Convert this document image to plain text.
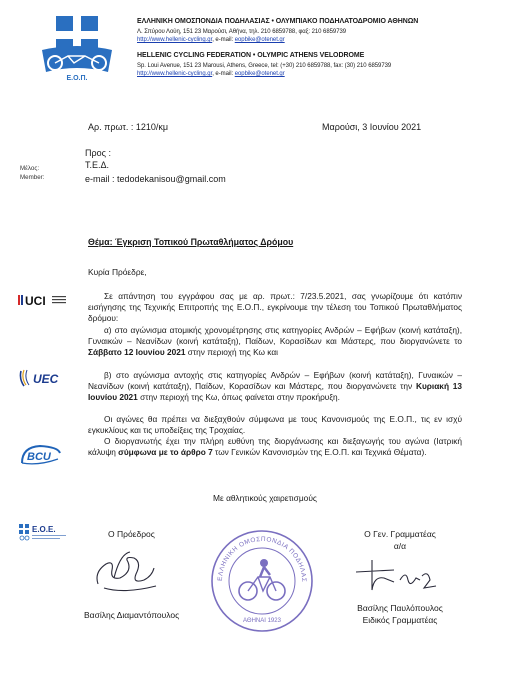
Ε.Ο.Π.
ΕΛΛΗΝΙΚΗ ΟΜΟΣΠΟΝΔΙΑ ΠΟΔΗΛΑΣΙΑΣ • ΟΛΥΜΠΙΑΚΟ ΠΟΔΗΛΑΤΟΔΡΟΜΙΟ ΑΘΗΝΩΝ
Λ. Σπύρου Λούη, 151 23 Μαρούσι, Αθήνα, τηλ. 210 6859788, φαξ: 210 6859739
http://www.hellenic-cycling.gr, e-mail: eopbike@otenet.gr
HELLENIC CYCLING FEDERATION • OLYMPIC ATHENS VELODROME
Sp. Loui Avenue, 151 23 Marousi, Athens, Greece, tel: (+30) 210 6859788, fax: (30) 210 6859739
http://www.hellenic-cycling.gr, e-mail: eopbike@otenet.gr
Αρ. πρωτ. : 1210/κμ	Μαρούσι, 3 Ιουνίου 2021
Προς :
Τ.Ε.Δ.
Μέλος:
Member:	e-mail : tedodekanisou@gmail.com
Θέμα: Έγκριση Τοπικού Πρωταθλήματος Δρόμου
Κυρία Πρόεδρε,
UCI
UEC
BCU
Ε.Ο.Ε.
Σε απάντηση του εγγράφου σας με αρ. πρωτ.: 7/23.5.2021, σας γνωρίζουμε ότι κατόπιν εισήγησης της Τεχνικής Επιτροπής της Ε.Ο.Π., εγκρίνουμε την τέλεση του Τοπικού Πρωταθλήματος δρόμου:
α) στο αγώνισμα ατομικής χρονομέτρησης στις κατηγορίες Ανδρών – Εφήβων (κοινή κατάταξη), Γυναικών – Νεανίδων (κοινή κατάταξη), Παίδων, Κορασίδων και Μάστερς, που διοργανώνετε το Σάββατο 12 Ιουνίου 2021 στην περιοχή της Κω και
β) στο αγώνισμα αντοχής στις κατηγορίες Ανδρών – Εφήβων (κοινή κατάταξη), Γυναικών – Νεανίδων (κοινή κατάταξη), Παίδων, Κορασίδων και Μάστερς, που διοργανώνετε την Κυριακή 13 Ιουνίου 2021 στην περιοχή της Κω, όπως φαίνεται στην προκήρυξη.
Οι αγώνες θα πρέπει να διεξαχθούν σύμφωνα με τους Κανονισμούς της Ε.Ο.Π., τις εν ισχύ εγκυκλίους και τις υποδείξεις της Τροχαίας.
Ο διοργανωτής έχει την πλήρη ευθύνη της διοργάνωσης και διεξαγωγής του αγώνα (Ιατρική κάλυψη σύμφωνα με το άρθρο 7 των Γενικών Κανονισμών της Ε.Ο.Π. και Τεχνικά Θέματα).
Με αθλητικούς χαιρετισμούς
Ο Πρόεδρος
Βασίλης Διαμαντόπουλος
ΕΛΛΗΝΙΚΗ ΟΜΟΣΠΟΝΔΙΑ ΠΟΔΗΛΑΣ
ΑΘΗΝΑΙ 1923
Ο Γεν. Γραμματέας
α/α
Βασίλης Παυλόπουλος
Ειδικός Γραμματέας
